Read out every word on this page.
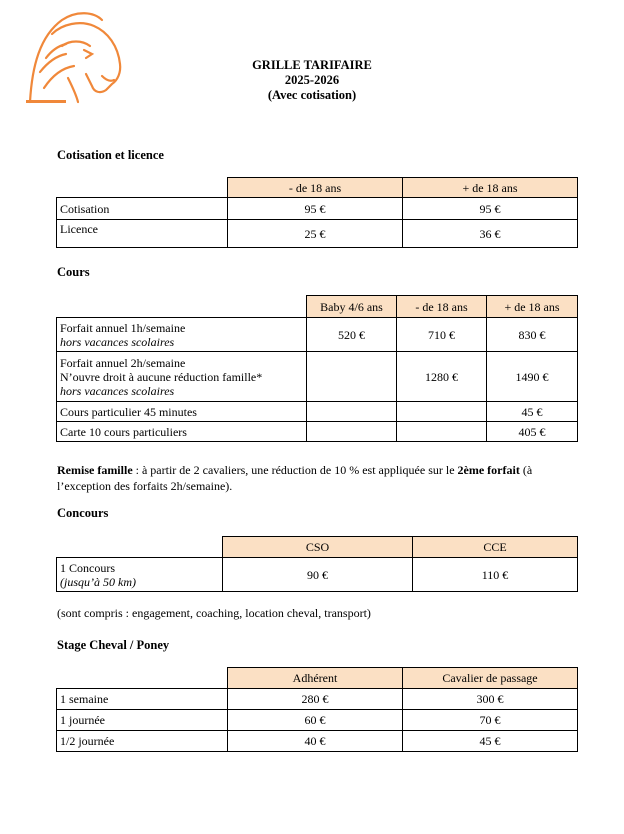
GRILLE TARIFAIRE
2025-2026
(Avec cotisation)
Cotisation et licence
	- de 18 ans	+ de 18 ans
Cotisation	95 €	95 €
Licence	25 €	36 €
Cours
	Baby 4/6 ans	- de 18 ans	+ de 18 ans

Forfait annuel 1h/semaine
hors vacances scolaires	520 €	710 €	830 €

Forfait annuel 2h/semaine
N’ouvre droit à aucune réduction famille*
hors vacances scolaires		1280 €	1490 €
Cours particulier 45 minutes			45 €
Carte 10 cours particuliers			405 €
Remise famille : à partir de 2 cavaliers, une réduction de 10 % est appliquée sur le 2ème forfait (à
l’exception des forfaits 2h/semaine).
Concours
	CSO	CCE

1 Concours
(jusqu’à 50 km)	90 €	110 €
(sont compris : engagement, coaching, location cheval, transport)
Stage Cheval / Poney
	Adhérent	Cavalier de passage
1 semaine	280 €	300 €
1 journée	60 €	70 €
1/2 journée	40 €	45 €
